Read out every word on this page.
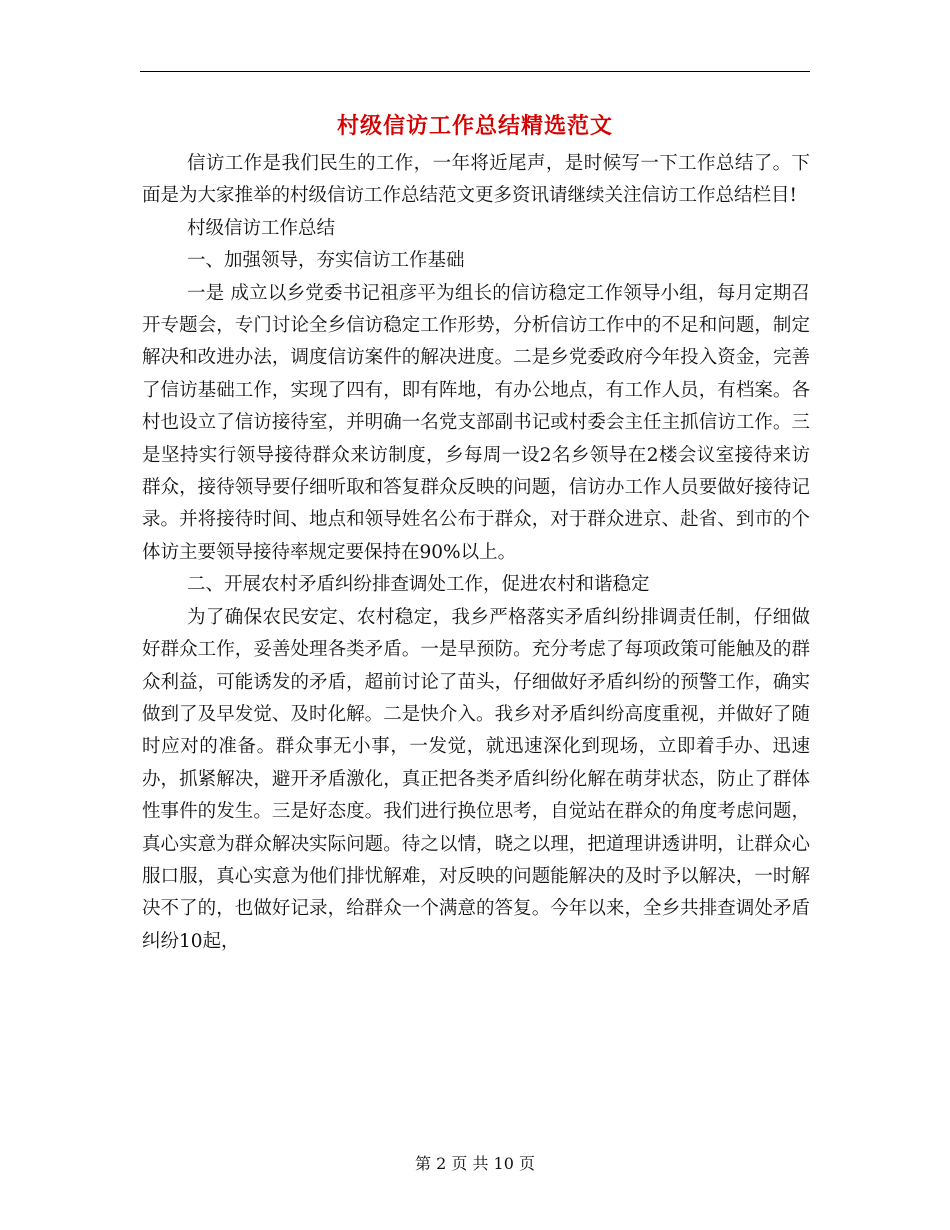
村级信访工作总结精选范文

信访工作是我们民生的工作，一年将近尾声，是时候写一下工作总结了。下面是为大家推举的村级信访工作总结范文更多资讯请继续关注信访工作总结栏目!

村级信访工作总结

一、加强领导，夯实信访工作基础

一是 成立以乡党委书记祖彦平为组长的信访稳定工作领导小组，每月定期召开专题会，专门讨论全乡信访稳定工作形势，分析信访工作中的不足和问题，制定解决和改进办法，调度信访案件的解决进度。二是乡党委政府今年投入资金，完善了信访基础工作，实现了四有，即有阵地，有办公地点，有工作人员，有档案。各村也设立了信访接待室，并明确一名党支部副书记或村委会主任主抓信访工作。三是坚持实行领导接待群众来访制度，乡每周一设2名乡领导在2楼会议室接待来访群众，接待领导要仔细听取和答复群众反映的问题，信访办工作人员要做好接待记录。并将接待时间、地点和领导姓名公布于群众，对于群众进京、赴省、到市的个体访主要领导接待率规定要保持在90%以上。

二、开展农村矛盾纠纷排查调处工作，促进农村和谐稳定

为了确保农民安定、农村稳定，我乡严格落实矛盾纠纷排调责任制，仔细做好群众工作，妥善处理各类矛盾。一是早预防。充分考虑了每项政策可能触及的群众利益，可能诱发的矛盾，超前讨论了苗头，仔细做好矛盾纠纷的预警工作，确实做到了及早发觉、及时化解。二是快介入。我乡对矛盾纠纷高度重视，并做好了随时应对的准备。群众事无小事，一发觉，就迅速深化到现场，立即着手办、迅速办，抓紧解决，避开矛盾激化，真正把各类矛盾纠纷化解在萌芽状态，防止了群体性事件的发生。三是好态度。我们进行换位思考，自觉站在群众的角度考虑问题，真心实意为群众解决实际问题。待之以情，晓之以理，把道理讲透讲明，让群众心服口服，真心实意为他们排忧解难，对反映的问题能解决的及时予以解决，一时解决不了的，也做好记录，给群众一个满意的答复。今年以来，全乡共排查调处矛盾纠纷10起，

第 2 页 共 10 页
